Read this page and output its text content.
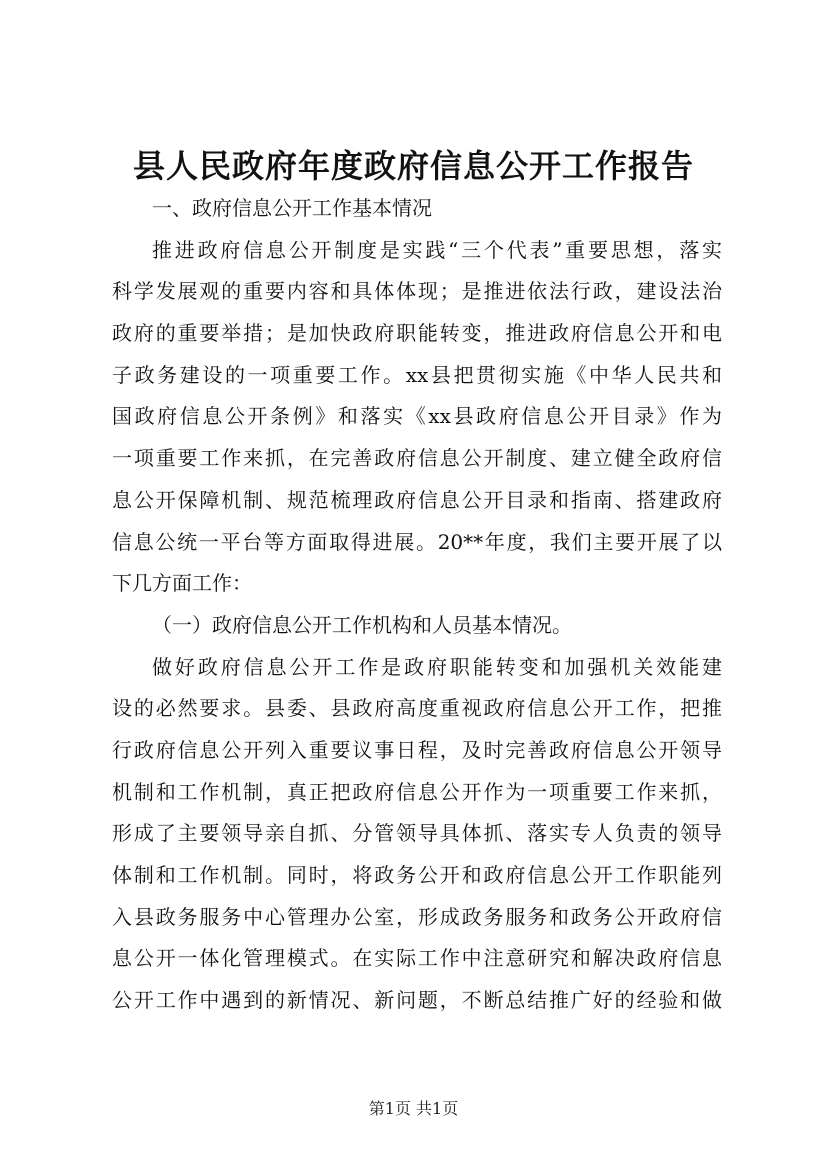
县人民政府年度政府信息公开工作报告
一、政府信息公开工作基本情况
推进政府信息公开制度是实践“三个代表”重要思想，落实
科学发展观的重要内容和具体体现；是推进依法行政，建设法治
政府的重要举措；是加快政府职能转变，推进政府信息公开和电
子政务建设的一项重要工作。xx县把贯彻实施《中华人民共和
国政府信息公开条例》和落实《xx县政府信息公开目录》作为
一项重要工作来抓，在完善政府信息公开制度、建立健全政府信
息公开保障机制、规范梳理政府信息公开目录和指南、搭建政府
信息公统一平台等方面取得进展。20**年度，我们主要开展了以
下几方面工作：
（一）政府信息公开工作机构和人员基本情况。
做好政府信息公开工作是政府职能转变和加强机关效能建
设的必然要求。县委、县政府高度重视政府信息公开工作，把推
行政府信息公开列入重要议事日程，及时完善政府信息公开领导
机制和工作机制，真正把政府信息公开作为一项重要工作来抓，
形成了主要领导亲自抓、分管领导具体抓、落实专人负责的领导
体制和工作机制。同时，将政务公开和政府信息公开工作职能列
入县政务服务中心管理办公室，形成政务服务和政务公开政府信
息公开一体化管理模式。在实际工作中注意研究和解决政府信息
公开工作中遇到的新情况、新问题，不断总结推广好的经验和做
第1页 共1页
